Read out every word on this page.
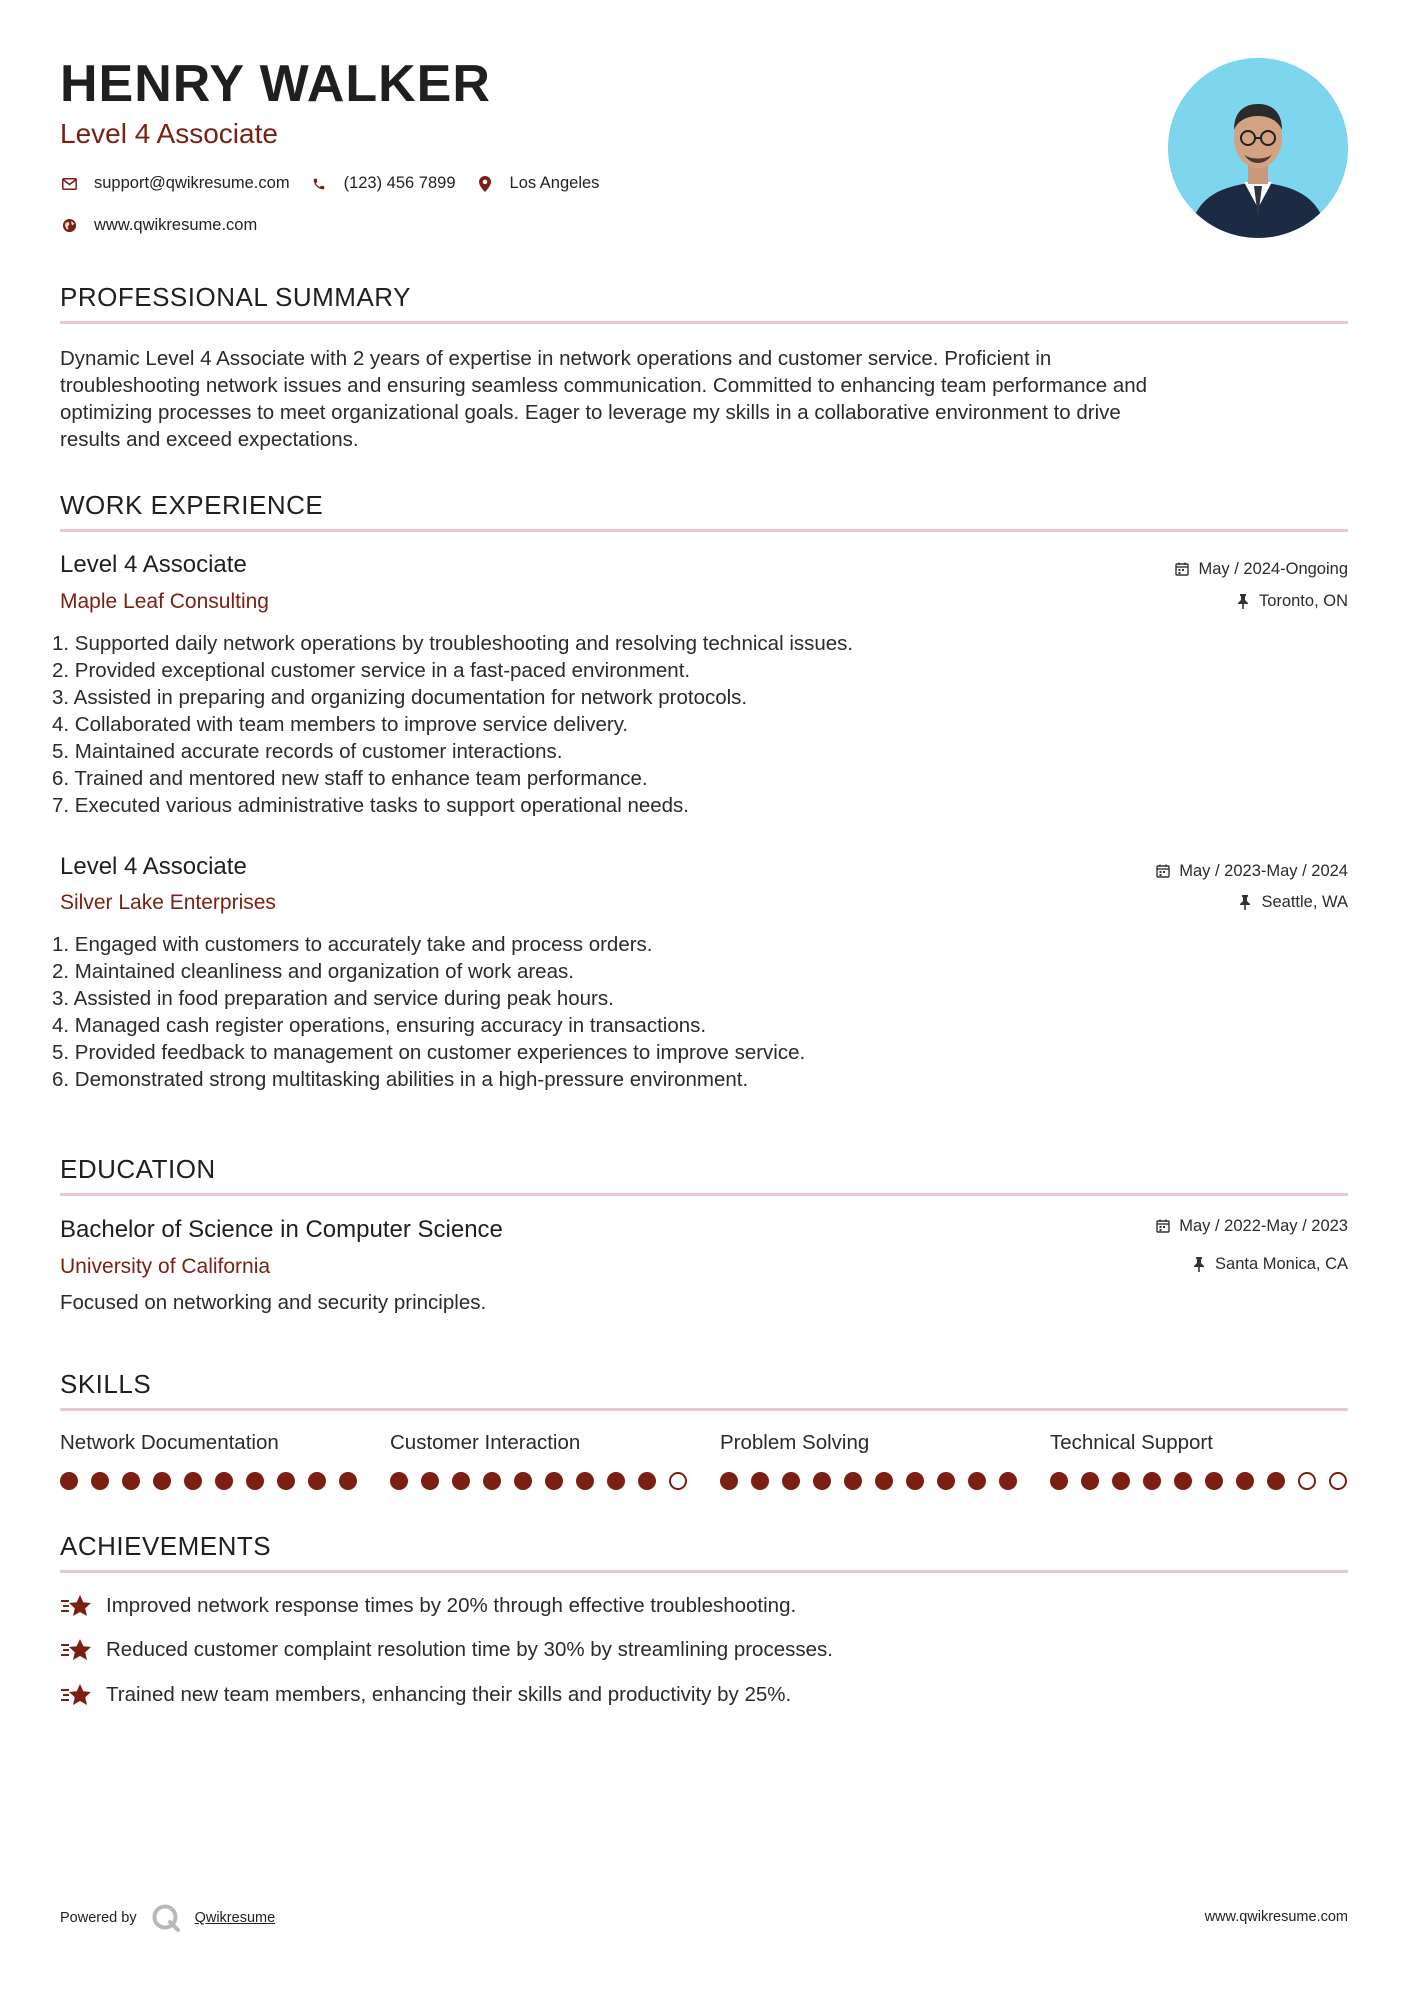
HENRY WALKER
Level 4 Associate
support@qwikresume.com	(123) 456 7899	Los Angeles
www.qwikresume.com
PROFESSIONAL SUMMARY

Dynamic Level 4 Associate with 2 years of expertise in network operations and customer service. Proficient in
troubleshooting network issues and ensuring seamless communication. Committed to enhancing team performance and
optimizing processes to meet organizational goals. Eager to leverage my skills in a collaborative environment to drive
results and exceed expectations.

WORK EXPERIENCE
Level 4 Associate
Maple Leaf Consulting
May / 2024-Ongoing
Toronto, ON
1. Supported daily network operations by troubleshooting and resolving technical issues.
2. Provided exceptional customer service in a fast-paced environment.
3. Assisted in preparing and organizing documentation for network protocols.
4. Collaborated with team members to improve service delivery.
5. Maintained accurate records of customer interactions.
6. Trained and mentored new staff to enhance team performance.
7. Executed various administrative tasks to support operational needs.
Level 4 Associate
Silver Lake Enterprises
May / 2023-May / 2024
Seattle, WA
1. Engaged with customers to accurately take and process orders.
2. Maintained cleanliness and organization of work areas.
3. Assisted in food preparation and service during peak hours.
4. Managed cash register operations, ensuring accuracy in transactions.
5. Provided feedback to management on customer experiences to improve service.
6. Demonstrated strong multitasking abilities in a high-pressure environment.
EDUCATION
Bachelor of Science in Computer Science
University of California
May / 2022-May / 2023
Santa Monica, CA

Focused on networking and security principles.

SKILLS
Network Documentation	Customer Interaction	Problem Solving	Technical Support
ACHIEVEMENTS
Improved network response times by 20% through effective troubleshooting.
Reduced customer complaint resolution time by 30% by streamlining processes.
Trained new team members, enhancing their skills and productivity by 25%.
Powered by	Qwikresume	www.qwikresume.com
